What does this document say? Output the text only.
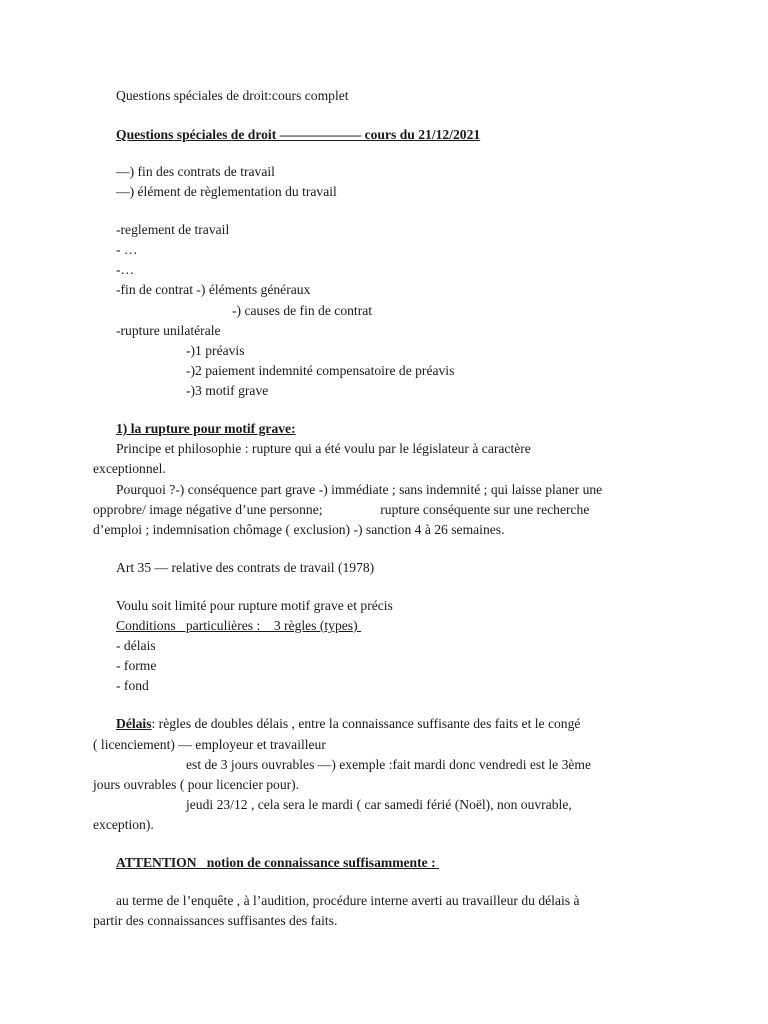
Questions spéciales de droit:cours complet
Questions spéciales de droit —————— cours du 21/12/2021
—) fin des contrats de travail
—) élément de règlementation du travail
-reglement de travail
- …
-…
-fin de contrat -) éléments généraux
-) causes de fin de contrat
-rupture unilatérale
-)1 préavis
-)2 paiement indemnité compensatoire de préavis
-)3 motif grave
1) la rupture pour motif grave:
Principe et philosophie : rupture qui a été voulu par le législateur à caractère
exceptionnel.
Pourquoi ?-) conséquence part grave -) immédiate ; sans indemnité ; qui laisse planer une
opprobre/ image négative d’une personne;                 rupture conséquente sur une recherche
d’emploi ; indemnisation chômage ( exclusion) -) sanction 4 à 26 semaines.
Art 35 — relative des contrats de travail (1978)
Voulu soit limité pour rupture motif grave et précis
Conditions   particulières :    3 règles (types)
- délais
- forme
- fond
Délais: règles de doubles délais , entre la connaissance suffisante des faits et le congé
( licenciement) — employeur et travailleur
est de 3 jours ouvrables —) exemple :fait mardi donc vendredi est le 3ème
jours ouvrables ( pour licencier pour).
jeudi 23/12 , cela sera le mardi ( car samedi férié (Noël), non ouvrable,
exception).
ATTENTION   notion de connaissance suffisammente :
au terme de l’enquête , à l’audition, procédure interne averti au travailleur du délais à
partir des connaissances suffisantes des faits.
